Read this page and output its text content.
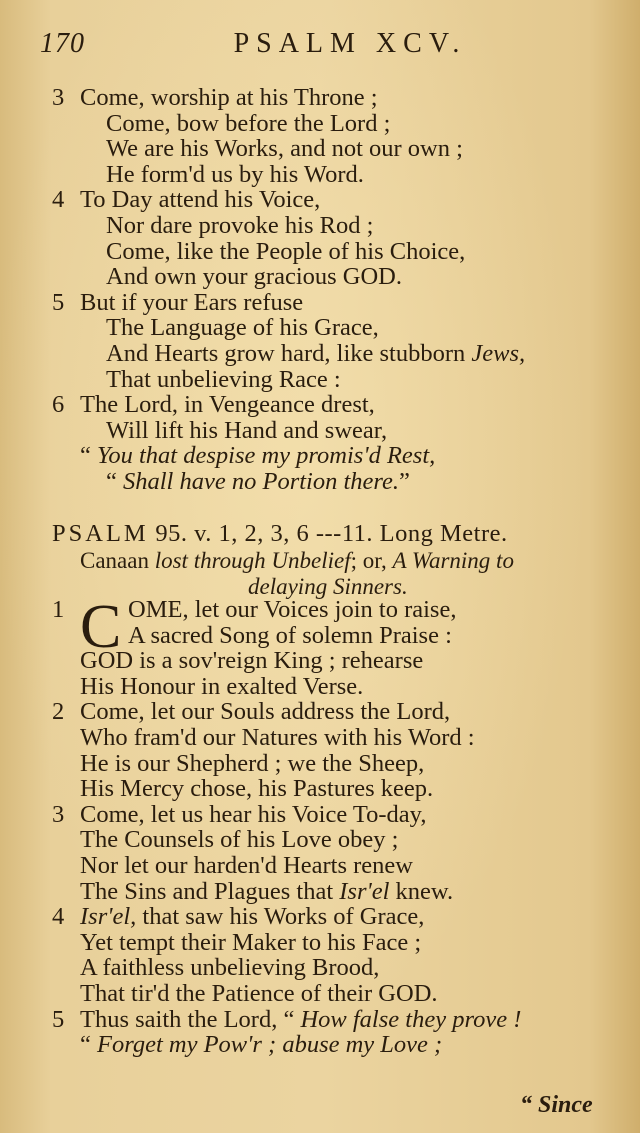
170	PSALM XCV.
3 Come, worship at his Throne ;
Come, bow before the Lord ;
We are his Works, and not our own ;
He form'd us by his Word.
4 To Day attend his Voice,
Nor dare provoke his Rod ;
Come, like the People of his Choice,
And own your gracious GOD.
5 But if your Ears refuse
The Language of his Grace,
And Hearts grow hard, like stubborn Jews,
That unbelieving Race :
6 The Lord, in Vengeance drest,
Will lift his Hand and swear,
“ You that despise my promis'd Rest,
“ Shall have no Portion there.”
PSALM 95. v. 1, 2, 3, 6 ---11. Long Metre.
Canaan lost through Unbelief; or, A Warning to
delaying Sinners.
1	OME, let our Voices join to raise,
A sacred Song of solemn Praise :
GOD is a sov'reign King ; rehearse
His Honour in exalted Verse.
2 Come, let our Souls address the Lord,
Who fram'd our Natures with his Word :
He is our Shepherd ; we the Sheep,
His Mercy chose, his Pastures keep.
3 Come, let us hear his Voice To-day,
The Counsels of his Love obey ;
Nor let our harden'd Hearts renew
The Sins and Plagues that Isr'el knew.
4 Isr'el, that saw his Works of Grace,
Yet tempt their Maker to his Face ;
A faithless unbelieving Brood,
That tir'd the Patience of their GOD.
5 Thus saith the Lord, “ How false they prove !
“ Forget my Pow'r ; abuse my Love ;
C
“ Since
